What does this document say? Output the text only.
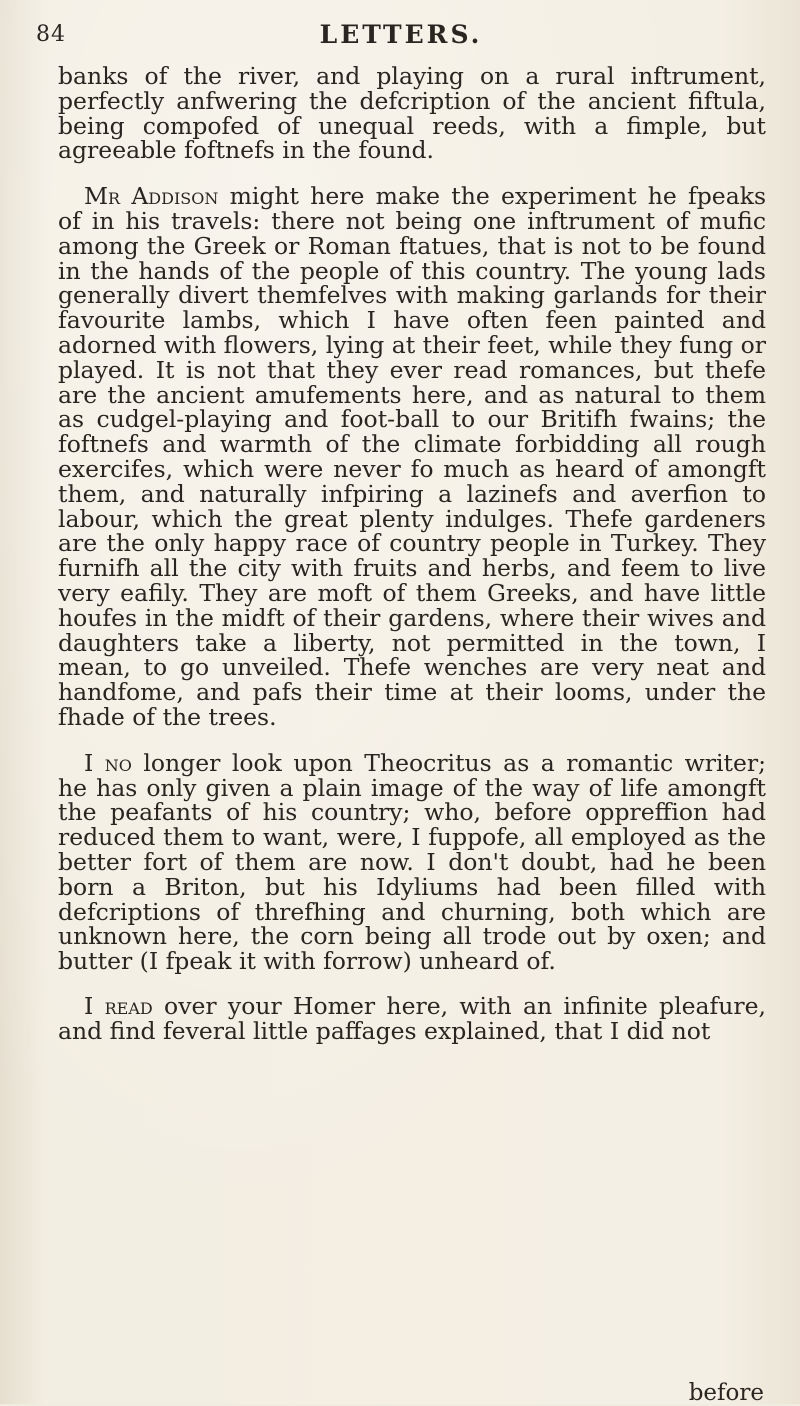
84	LETTERS.

banks of the river, and playing on a rural inftrument, perfectly anfwering the defcription of the ancient fiftula, being compofed of unequal reeds, with a fimple, but agreeable foftnefs in the found.

Mr Addison might here make the experiment he fpeaks of in his travels: there not being one inftrument of mufic among the Greek or Roman ftatues, that is not to be found in the hands of the people of this country. The young lads generally divert themfelves with making garlands for their favourite lambs, which I have often feen painted and adorned with flowers, lying at their feet, while they fung or played. It is not that they ever read romances, but thefe are the ancient amufements here, and as natural to them as cudgel-playing and foot-ball to our Britifh fwains; the foftnefs and warmth of the climate forbidding all rough exercifes, which were never fo much as heard of amongft them, and naturally infpiring a lazinefs and averfion to labour, which the great plenty indulges. Thefe gardeners are the only happy race of country people in Turkey. They furnifh all the city with fruits and herbs, and feem to live very eafily. They are moft of them Greeks, and have little houfes in the midft of their gardens, where their wives and daughters take a liberty, not permitted in the town, I mean, to go unveiled. Thefe wenches are very neat and handfome, and pafs their time at their looms, under the fhade of the trees.

I no longer look upon Theocritus as a romantic writer; he has only given a plain image of the way of life amongft the peafants of his country; who, before oppreffion had reduced them to want, were, I fuppofe, all employed as the better fort of them are now. I don't doubt, had he been born a Briton, but his Idyliums had been filled with defcriptions of threfhing and churning, both which are unknown here, the corn being all trode out by oxen; and butter (I fpeak it with forrow) unheard of.

I read over your Homer here, with an infinite pleafure, and find feveral little paffages explained, that I did not

before
